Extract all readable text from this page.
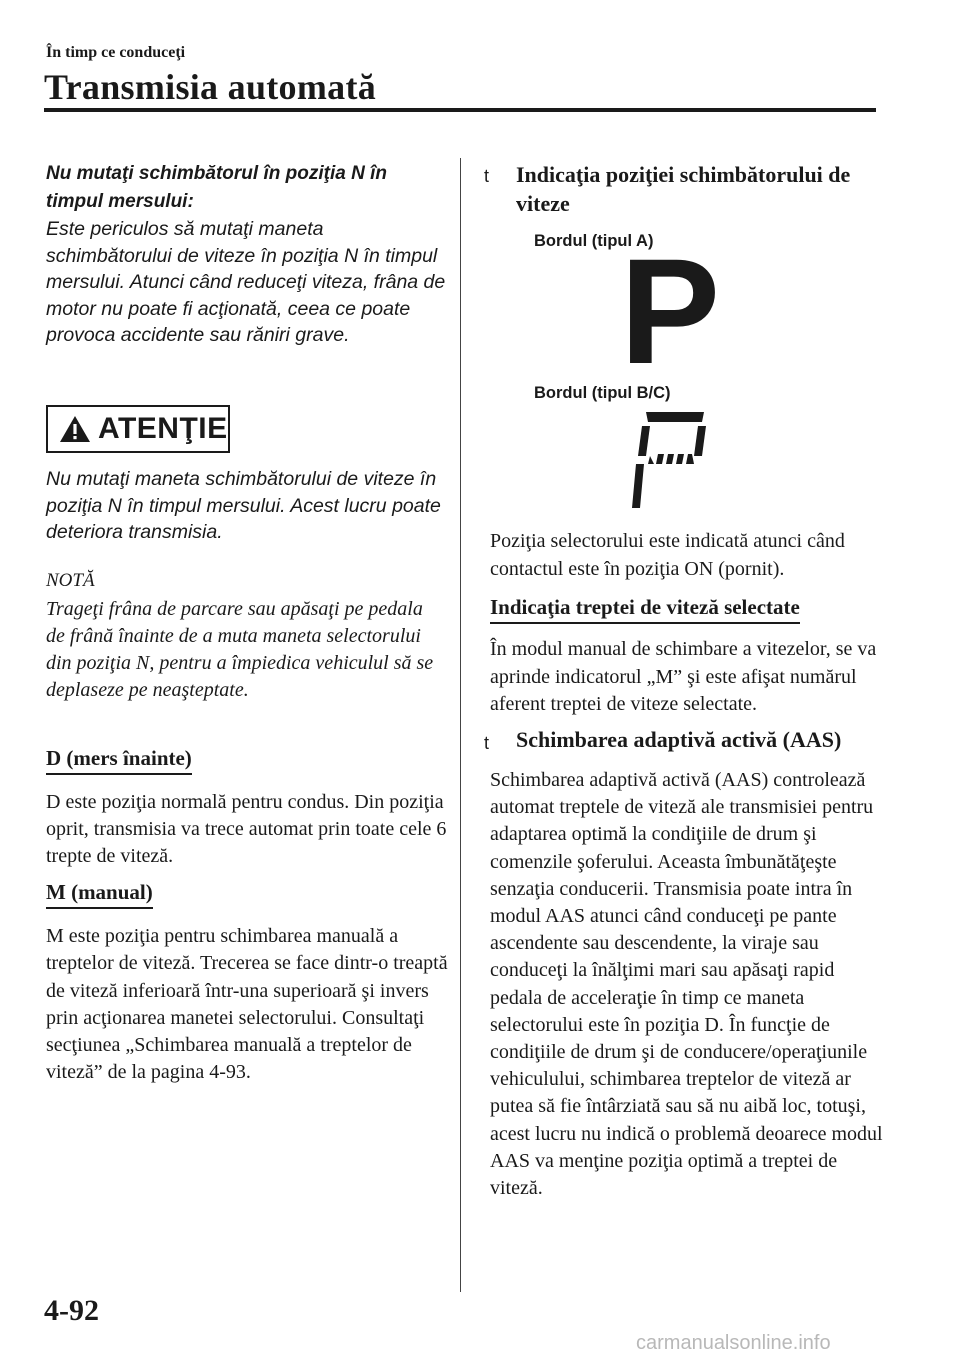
În timp ce conduceţi
Transmisia automată
Nu mutaţi schimbătorul în poziţia N în timpul mersului:
Este periculos să mutaţi maneta schimbătorului de viteze în poziţia N în timpul mersului. Atunci când reduceţi viteza, frâna de motor nu poate fi acţionată, ceea ce poate provoca accidente sau răniri grave.
ATENŢIE
Nu mutaţi maneta schimbătorului de viteze în poziţia N în timpul mersului. Acest lucru poate deteriora transmisia.
NOTĂ
Trageţi frâna de parcare sau apăsaţi pe pedala de frână înainte de a muta maneta selectorului din poziţia N, pentru a împiedica vehiculul să se deplaseze pe neaşteptate.
D (mers înainte)
D este poziţia normală pentru condus. Din poziţia oprit, transmisia va trece automat prin toate cele 6 trepte de viteză.
M (manual)
M este poziţia pentru schimbarea manuală a treptelor de viteză. Trecerea se face dintr-o treaptă de viteză inferioară într-una superioară şi invers prin acţionarea manetei selectorului. Consultaţi secţiunea „Schimbarea manuală a treptelor de viteză” de la pagina 4-93.
t Indicaţia poziţiei schimbătorului de viteze
Bordul (tipul A)
P
Bordul (tipul B/C)
Poziţia selectorului este indicată atunci când contactul este în poziţia ON (pornit).
Indicaţia treptei de viteză selectate
În modul manual de schimbare a vitezelor, se va aprinde indicatorul „M” şi este afişat numărul aferent treptei de viteze selectate.
t Schimbarea adaptivă activă (AAS)
Schimbarea adaptivă activă (AAS) controlează automat treptele de viteză ale transmisiei pentru adaptarea optimă la condiţiile de drum şi comenzile şoferului. Aceasta îmbunătăţeşte senzaţia conducerii. Transmisia poate intra în modul AAS atunci când conduceţi pe pante ascendente sau descendente, la viraje sau conduceţi la înălţimi mari sau apăsaţi rapid pedala de acceleraţie în timp ce maneta selectorului este în poziţia D. În funcţie de condiţiile de drum şi de conducere/operaţiunile vehiculului, schimbarea treptelor de viteză ar putea să fie întârziată sau să nu aibă loc, totuşi, acest lucru nu indică o problemă deoarece modul AAS va menţine poziţia optimă a treptei de viteză.
4-92
carmanualsonline.info
